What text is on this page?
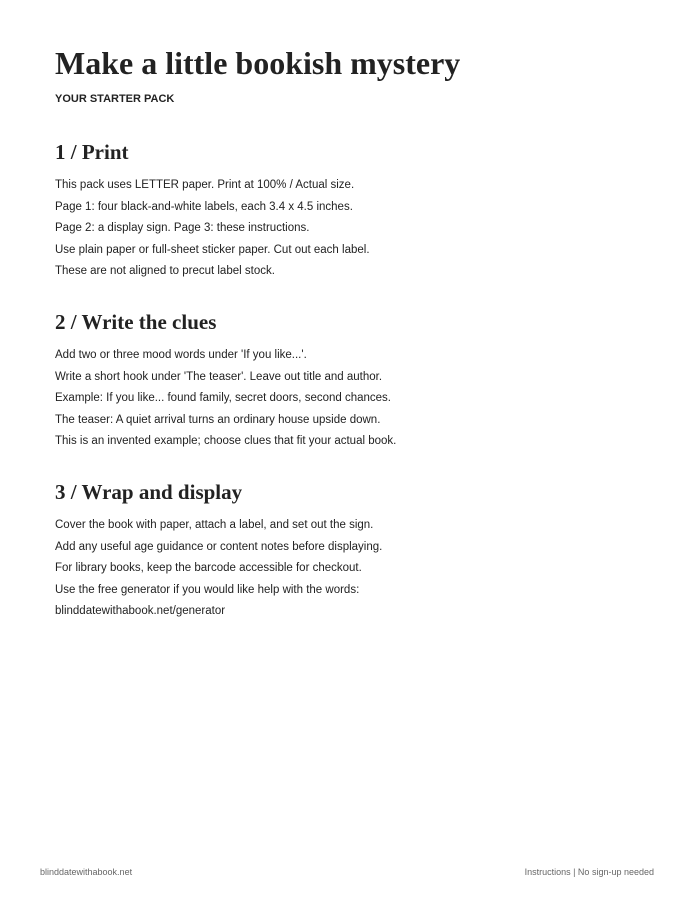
Make a little bookish mystery
YOUR STARTER PACK
1 / Print
This pack uses LETTER paper. Print at 100% / Actual size.
Page 1: four black-and-white labels, each 3.4 x 4.5 inches.
Page 2: a display sign. Page 3: these instructions.
Use plain paper or full-sheet sticker paper. Cut out each label.
These are not aligned to precut label stock.
2 / Write the clues
Add two or three mood words under 'If you like...'.
Write a short hook under 'The teaser'. Leave out title and author.
Example: If you like... found family, secret doors, second chances.
The teaser: A quiet arrival turns an ordinary house upside down.
This is an invented example; choose clues that fit your actual book.
3 / Wrap and display
Cover the book with paper, attach a label, and set out the sign.
Add any useful age guidance or content notes before displaying.
For library books, keep the barcode accessible for checkout.
Use the free generator if you would like help with the words:
blinddatewithabook.net/generator
blinddatewithabook.net	Instructions | No sign-up needed
